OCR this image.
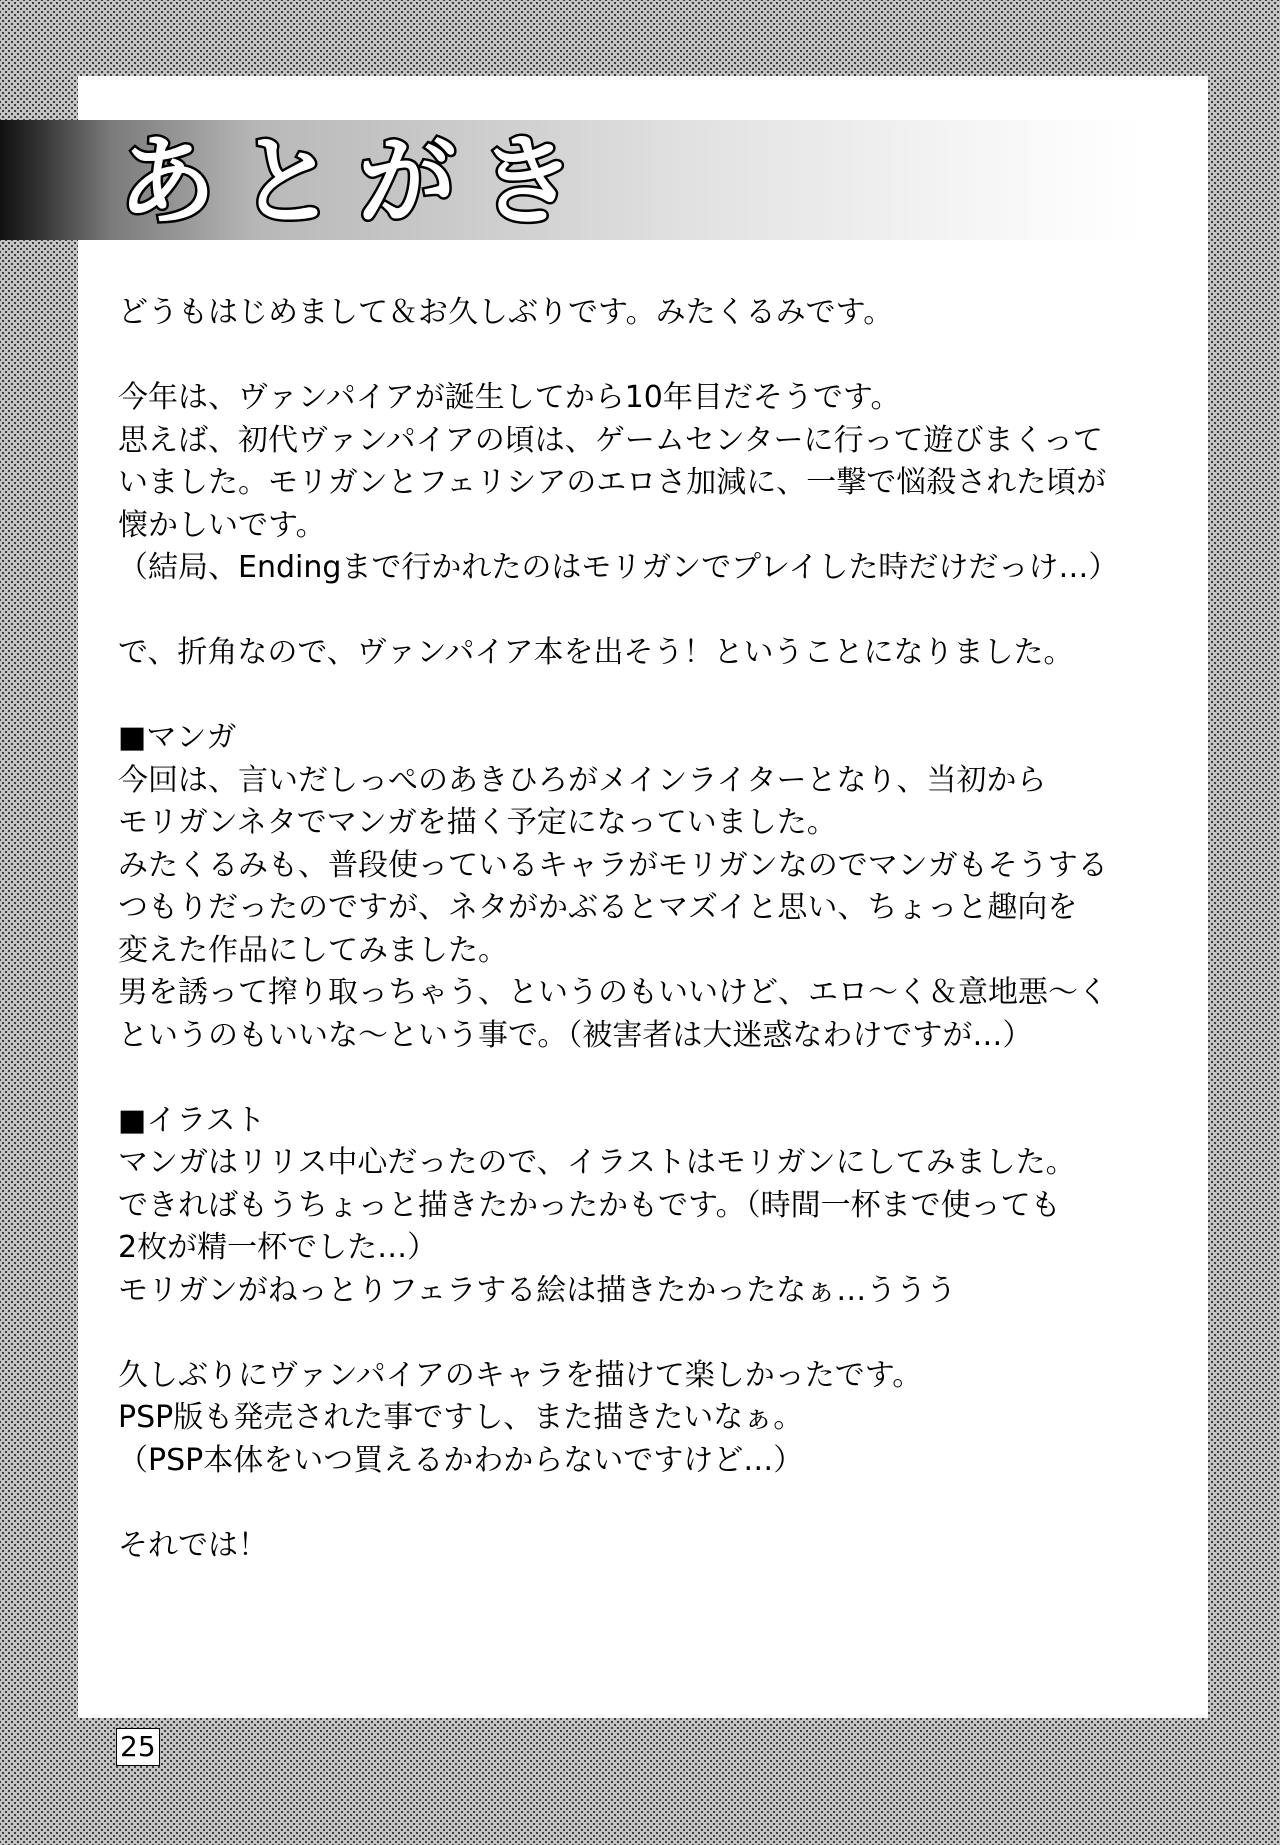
あとがき
どうもはじめまして＆お久しぶりです。みたくるみです。
今年は、ヴァンパイアが誕生してから10年目だそうです。
思えば、初代ヴァンパイアの頃は、ゲームセンターに行って遊びまくって
いました。モリガンとフェリシアのエロさ加減に、一撃で悩殺された頃が
懐かしいです。
（結局、Endingまで行かれたのはモリガンでプレイした時だけだっけ…）
で、折角なので、ヴァンパイア本を出そう！ということになりました。
■マンガ
今回は、言いだしっぺのあきひろがメインライターとなり、当初から
モリガンネタでマンガを描く予定になっていました。
みたくるみも、普段使っているキャラがモリガンなのでマンガもそうする
つもりだったのですが、ネタがかぶるとマズイと思い、ちょっと趣向を
変えた作品にしてみました。
男を誘って搾り取っちゃう、というのもいいけど、エロ～く＆意地悪～く
というのもいいな～という事で。（被害者は大迷惑なわけですが…）
■イラスト
マンガはリリス中心だったので、イラストはモリガンにしてみました。
できればもうちょっと描きたかったかもです。（時間一杯まで使っても
2枚が精一杯でした…）
モリガンがねっとりフェラする絵は描きたかったなぁ…ううう
久しぶりにヴァンパイアのキャラを描けて楽しかったです。
PSP版も発売された事ですし、また描きたいなぁ。
（PSP本体をいつ買えるかわからないですけど…）
それでは！
25
